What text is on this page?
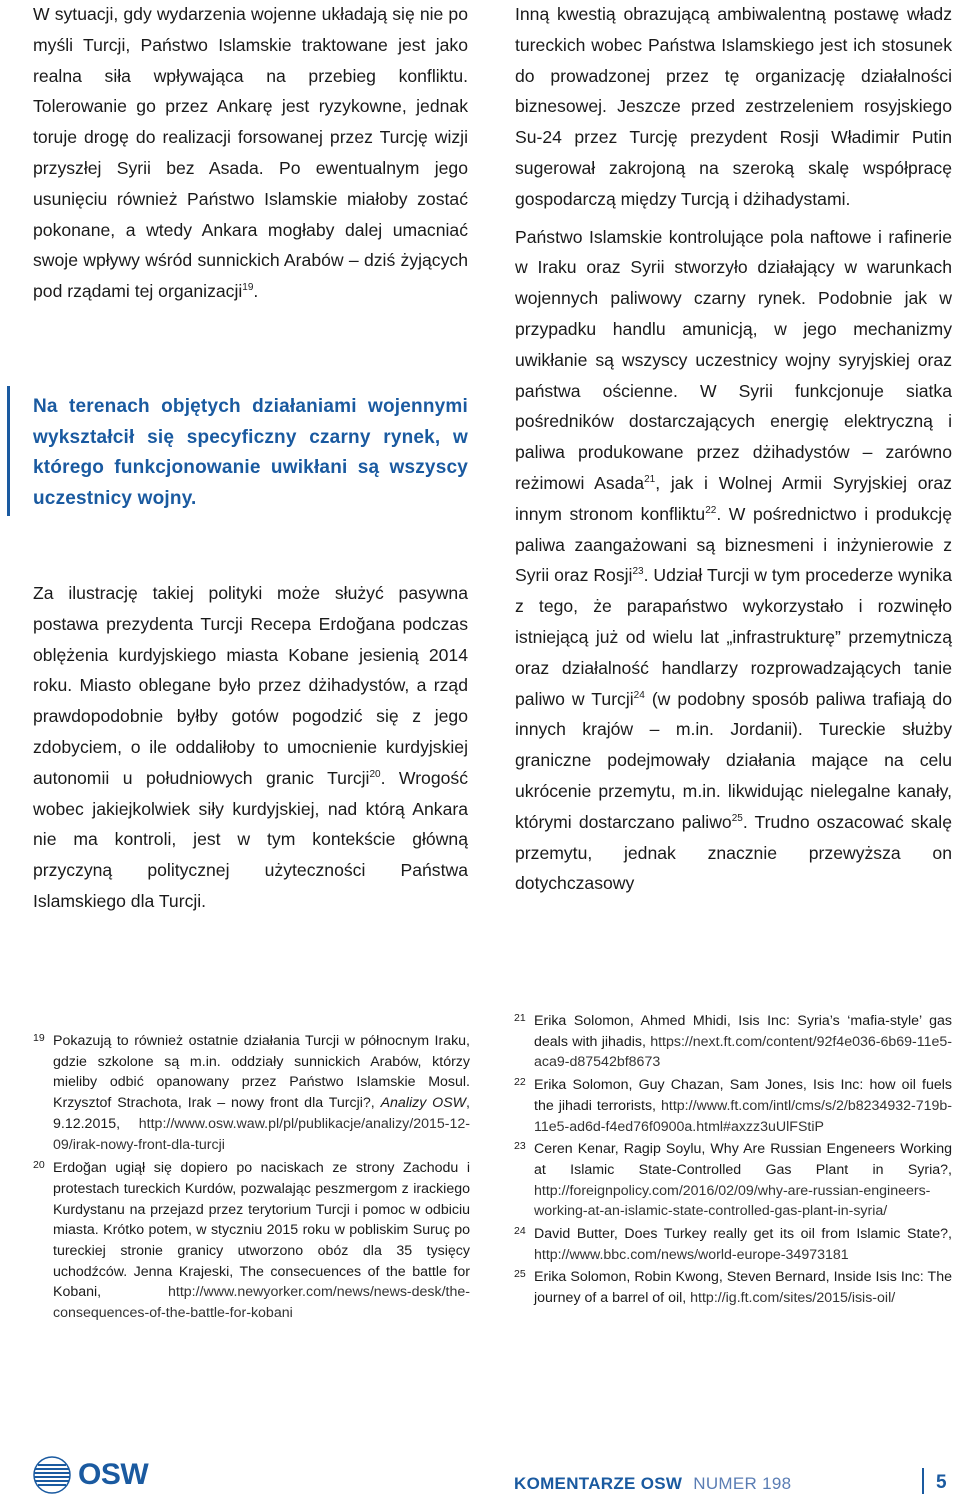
W sytuacji, gdy wydarzenia wojenne układają się nie po myśli Turcji, Państwo Islamskie traktowane jest jako realna siła wpływająca na przebieg konfliktu. Tolerowanie go przez Ankarę jest ryzykowne, jednak toruje drogę do realizacji forsowanej przez Turcję wizji przyszłej Syrii bez Asada. Po ewentualnym jego usunięciu również Państwo Islamskie miałoby zostać pokonane, a wtedy Ankara mogłaby dalej umacniać swoje wpływy wśród sunnickich Arabów – dziś żyjących pod rządami tej organizacji$^{19}$.

Na terenach objętych działaniami wojennymi wykształcił się specyficzny czarny rynek, w którego funkcjonowanie uwikłani są wszyscy uczestnicy wojny.

Za ilustrację takiej polityki może służyć pasywna postawa prezydenta Turcji Recepa Erdoğana podczas oblężenia kurdyjskiego miasta Kobane jesienią 2014 roku. Miasto oblegane było przez dżihadystów, a rząd prawdopodobnie byłby gotów pogodzić się z jego zdobyciem, o ile oddaliłoby to umocnienie kurdyjskiej autonomii u południowych granic Turcji$^{20}$. Wrogość wobec jakiejkolwiek siły kurdyjskiej, nad którą Ankara nie ma kontroli, jest w tym kontekście główną przyczyną politycznej użyteczności Państwa Islamskiego dla Turcji.

Inną kwestią obrazującą ambiwalentną postawę władz tureckich wobec Państwa Islamskiego jest ich stosunek do prowadzonej przez tę organizację działalności biznesowej. Jeszcze przed zestrzeleniem rosyjskiego Su-24 przez Turcję prezydent Rosji Władimir Putin sugerował zakrojoną na szeroką skalę współpracę gospodarczą między Turcją i dżihadystami.

Państwo Islamskie kontrolujące pola naftowe i rafinerie w Iraku oraz Syrii stworzyło działający w warunkach wojennych paliwowy czarny rynek. Podobnie jak w przypadku handlu amunicją, w jego mechanizmy uwikłanie są wszyscy uczestnicy wojny syryjskiej oraz państwa ościenne. W Syrii funkcjonuje siatka pośredników dostarczających energię elektryczną i paliwa produkowane przez dżihadystów – zarówno reżimowi Asada$^{21}$, jak i Wolnej Armii Syryjskiej oraz innym stronom konfliktu$^{22}$. W pośrednictwo i produkcję paliwa zaangażowani są biznesmeni i inżynierowie z Syrii oraz Rosji$^{23}$. Udział Turcji w tym procederze wynika z tego, że parapaństwo wykorzystało i rozwinęło istniejącą już od wielu lat „infrastrukturę” przemytniczą oraz działalność handlarzy rozprowadzających tanie paliwo w Turcji$^{24}$ (w podobny sposób paliwa trafiają do innych krajów – m.in. Jordanii). Tureckie służby graniczne podejmowały działania mające na celu ukrócenie przemytu, m.in. likwidując nielegalne kanały, którymi dostarczano paliwo$^{25}$. Trudno oszacować skalę przemytu, jednak znacznie przewyższa on dotychczasowy

19 Pokazują to również ostatnie działania Turcji w północnym Iraku, gdzie szkolone są m.in. oddziały sunnickich Arabów, którzy mieliby odbić opanowany przez Państwo Islamskie Mosul. Krzysztof Strachota, Irak – nowy front dla Turcji?, Analizy OSW, 9.12.2015, http://www.osw.waw.pl/pl/publikacje/analizy/2015-12-09/irak-nowy-front-dla-turcji
20 Erdoğan ugiął się dopiero po naciskach ze strony Zachodu i protestach tureckich Kurdów, pozwalając peszmergom z irackiego Kurdystanu na przejazd przez terytorium Turcji i pomoc w odbiciu miasta. Krótko potem, w styczniu 2015 roku w pobliskim Suruç po tureckiej stronie granicy utworzono obóz dla 35 tysięcy uchodźców. Jenna Krajeski, The consecuences of the battle for Kobani, http://www.newyorker.com/news/news-desk/the-consequences-of-the-battle-for-kobani
21 Erika Solomon, Ahmed Mhidi, Isis Inc: Syria’s ‘mafia-style’ gas deals with jihadis, https://next.ft.com/content/92f4e036-6b69-11e5-aca9-d87542bf8673
22 Erika Solomon, Guy Chazan, Sam Jones, Isis Inc: how oil fuels the jihadi terrorists, http://www.ft.com/intl/cms/s/2/b8234932-719b-11e5-ad6d-f4ed76f0900a.html#axzz3uUlFStiP
23 Ceren Kenar, Ragip Soylu, Why Are Russian Engeneers Working at Islamic State-Controlled Gas Plant in Syria?, http://foreignpolicy.com/2016/02/09/why-are-russian-engineers-working-at-an-islamic-state-controlled-gas-plant-in-syria/
24 David Butter, Does Turkey really get its oil from Islamic State?, http://www.bbc.com/news/world-europe-34973181
25 Erika Solomon, Robin Kwong, Steven Bernard, Inside Isis Inc: The journey of a barrel of oil, http://ig.ft.com/sites/2015/isis-oil/
OSW	KOMENTARZE OSW NUMER 198	5
